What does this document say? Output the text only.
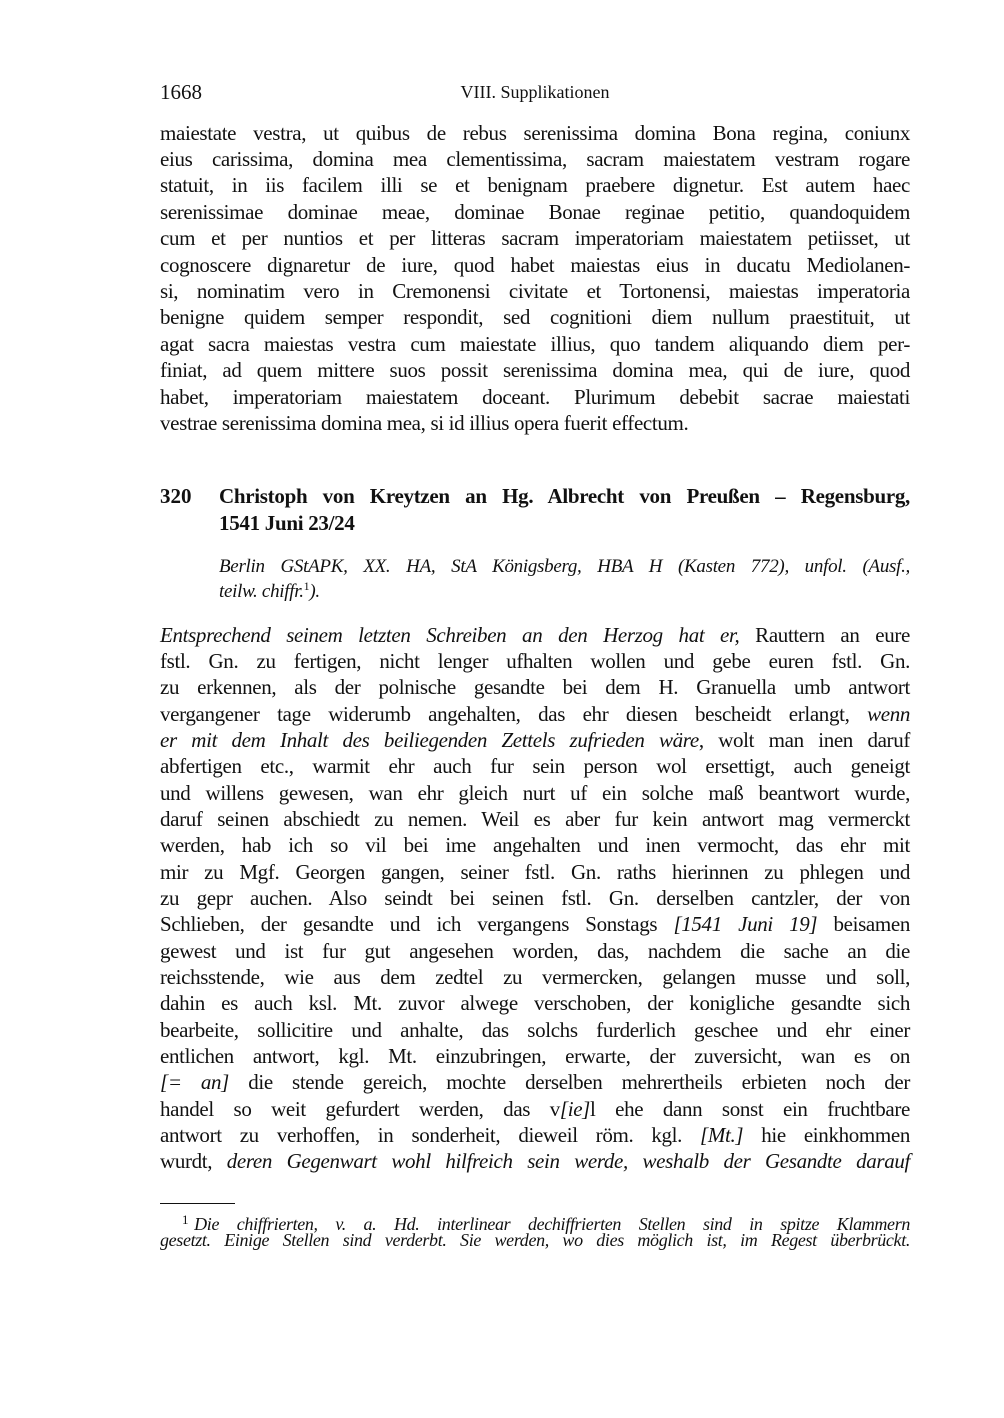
1668	VIII. Supplikationen
maiestate vestra, ut quibus de rebus serenissima domina Bona regina, coniunx
eius carissima, domina mea clementissima, sacram maiestatem vestram rogare
statuit, in iis facilem illi se et benignam praebere dignetur. Est autem haec
serenissimae dominae meae, dominae Bonae reginae petitio, quandoquidem
cum et per nuntios et per litteras sacram imperatoriam maiestatem petiisset, ut
cognoscere dignaretur de iure, quod habet maiestas eius in ducatu Mediolanen-
si, nominatim vero in Cremonensi civitate et Tortonensi, maiestas imperatoria
benigne quidem semper respondit, sed cognitioni diem nullum praestituit, ut
agat sacra maiestas vestra cum maiestate illius, quo tandem aliquando diem per-
finiat, ad quem mittere suos possit serenissima domina mea, qui de iure, quod
habet, imperatoriam maiestatem doceant. Plurimum debebit sacrae maiestati
vestrae serenissima domina mea, si id illius opera fuerit effectum.
320 Christoph von Kreytzen an Hg. Albrecht von Preußen – Regensburg,
1541 Juni 23/24
Berlin GStAPK, XX. HA, StA Königsberg, HBA H (Kasten 772), unfol. (Ausf.,
teilw. chiffr.$^1$).
Entsprechend seinem letzten Schreiben an den Herzog hat er, Rauttern an eure
fstl. Gn. zu fertigen, nicht lenger ufhalten wollen und gebe euren fstl. Gn.
zu erkennen, als der polnische gesandte bei dem H. Granuella umb antwort
vergangener tage widerumb angehalten, das ehr diesen bescheidt erlangt, wenn
er mit dem Inhalt des beiliegenden Zettels zufrieden wäre, wolt man inen daruf
abfertigen etc., warmit ehr auch fur sein person wol ersettigt, auch geneigt
und willens gewesen, wan ehr gleich nurt uf ein solche maß beantwort wurde,
daruf seinen abschiedt zu nemen. Weil es aber fur kein antwort mag vermerckt
werden, hab ich so vil bei ime angehalten und inen vermocht, das ehr mit
mir zu Mgf. Georgen gangen, seiner fstl. Gn. raths hierinnen zu phlegen und
zu gepr auchen. Also seindt bei seinen fstl. Gn. derselben cantzler, der von
Schlieben, der gesandte und ich vergangens Sonstags [1541 Juni 19] beisamen
gewest und ist fur gut angesehen worden, das, nachdem die sache an die
reichsstende, wie aus dem zedtel zu vermercken, gelangen musse und soll,
dahin es auch ksl. Mt. zuvor alwege verschoben, der konigliche gesandte sich
bearbeite, sollicitire und anhalte, das solchs furderlich geschee und ehr einer
entlichen antwort, kgl. Mt. einzubringen, erwarte, der zuversicht, wan es on
[= an] die stende gereich, mochte derselben mehrertheils erbieten noch der
handel so weit gefurdert werden, das v[ie]l ehe dann sonst ein fruchtbare
antwort zu verhoffen, in sonderheit, dieweil röm. kgl. [Mt.] hie einkhommen
wurdt, deren Gegenwart wohl hilfreich sein werde, weshalb der Gesandte darauf
$^1$ Die chiffrierten, v. a. Hd. interlinear dechiffrierten Stellen sind in spitze Klammern
gesetzt. Einige Stellen sind verderbt. Sie werden, wo dies möglich ist, im Regest überbrückt.
